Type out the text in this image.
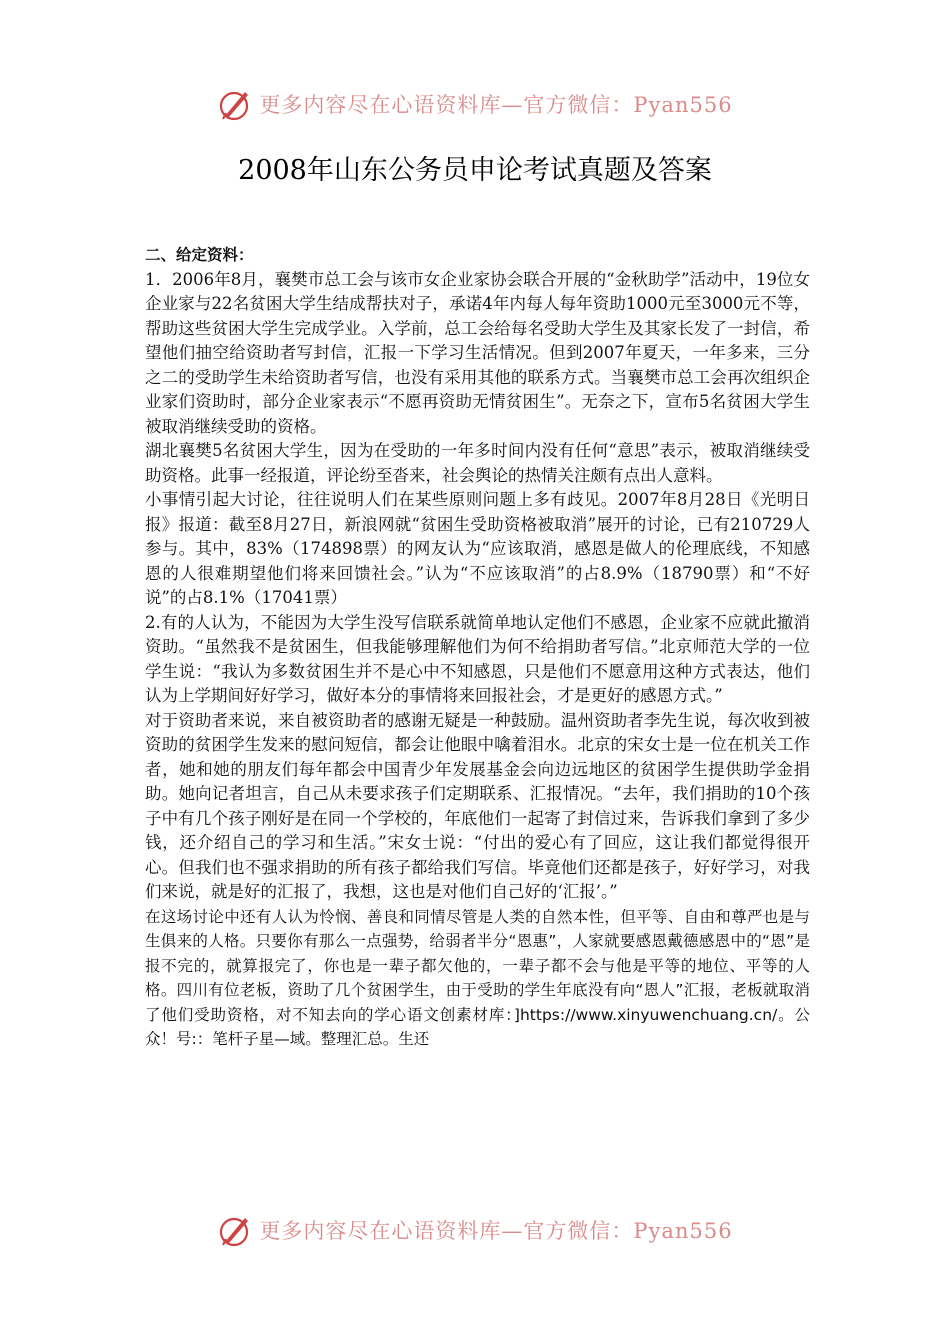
更多内容尽在心语资料库—官方微信：Pyan556
2008年山东公务员申论考试真题及答案

二、给定资料：

1．2006年8月，襄樊市总工会与该市女企业家协会联合开展的“金秋助学”活动中，19位女企业家与22名贫困大学生结成帮扶对子，承诺4年内每人每年资助1000元至3000元不等，帮助这些贫困大学生完成学业。入学前，总工会给每名受助大学生及其家长发了一封信，希望他们抽空给资助者写封信，汇报一下学习生活情况。但到2007年夏天，一年多来，三分之二的受助学生未给资助者写信，也没有采用其他的联系方式。当襄樊市总工会再次组织企业家们资助时，部分企业家表示“不愿再资助无情贫困生”。无奈之下，宣布5名贫困大学生被取消继续受助的资格。

湖北襄樊5名贫困大学生，因为在受助的一年多时间内没有任何“意思”表示，被取消继续受助资格。此事一经报道，评论纷至沓来，社会舆论的热情关注颇有点出人意料。

小事情引起大讨论，往往说明人们在某些原则问题上多有歧见。2007年8月28日《光明日报》报道：截至8月27日，新浪网就“贫困生受助资格被取消”展开的讨论，已有210729人参与。其中，83%（174898票）的网友认为“应该取消，感恩是做人的伦理底线，不知感恩的人很难期望他们将来回馈社会。”认为“不应该取消”的占8.9%（18790票）和“不好说”的占8.1%（17041票）

2.有的人认为，不能因为大学生没写信联系就简单地认定他们不感恩，企业家不应就此撤消资助。“虽然我不是贫困生，但我能够理解他们为何不给捐助者写信。”北京师范大学的一位学生说：“我认为多数贫困生并不是心中不知感恩，只是他们不愿意用这种方式表达，他们认为上学期间好好学习，做好本分的事情将来回报社会，才是更好的感恩方式。”

对于资助者来说，来自被资助者的感谢无疑是一种鼓励。温州资助者李先生说，每次收到被资助的贫困学生发来的慰问短信，都会让他眼中噙着泪水。北京的宋女士是一位在机关工作者，她和她的朋友们每年都会中国青少年发展基金会向边远地区的贫困学生提供助学金捐助。她向记者坦言，自己从未要求孩子们定期联系、汇报情况。“去年，我们捐助的10个孩子中有几个孩子刚好是在同一个学校的，年底他们一起寄了封信过来，告诉我们拿到了多少钱，还介绍自己的学习和生活。”宋女士说：“付出的爱心有了回应，这让我们都觉得很开心。但我们也不强求捐助的所有孩子都给我们写信。毕竟他们还都是孩子，好好学习，对我们来说，就是好的汇报了，我想，这也是对他们自己好的‘汇报’。”

在这场讨论中还有人认为怜悯、善良和同情尽管是人类的自然本性，但平等、自由和尊严也是与生俱来的人格。只要你有那么一点强势，给弱者半分“恩惠”，人家就要感恩戴德感恩中的“恩”是报不完的，就算报完了，你也是一辈子都欠他的，一辈子都不会与他是平等的地位、平等的人格。四川有位老板，资助了几个贫困学生，由于受助的学生年底没有向“恩人”汇报，老板就取消了他们受助资格，对不知去向的学心语文创素材库：]https://www.xinyuwenchuang.cn/。公众！号:：笔杆子星—域。整理汇总。生还

更多内容尽在心语资料库—官方微信：Pyan556
